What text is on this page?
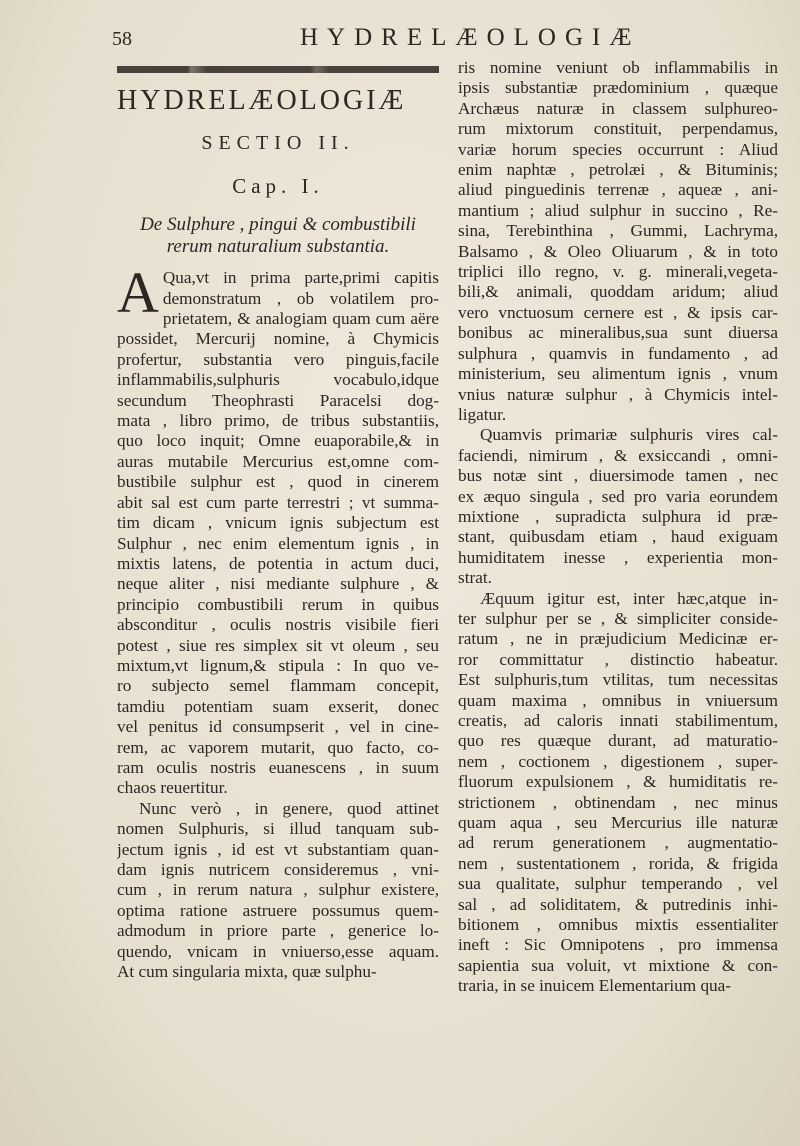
58	HYDRELÆOLOGIÆ
HYDRELÆOLOGIÆ
SECTIO II.
Cap. I.
De Sulphure , pingui & combustibili
rerum naturalium substantia.
A Qua,vt in prima parte,primi capitis
demonstratum , ob volatilem pro-
prietatem, & analogiam quam cum aëre
possidet, Mercurij nomine, à Chymicis
profertur, substantia vero pinguis,facile
inflammabilis,sulphuris vocabulo,idque
secundum Theophrasti Paracelsi dog-
mata , libro primo, de tribus substantiis,
quo loco inquit; Omne euaporabile,& in
auras mutabile Mercurius est,omne com-
bustibile sulphur est , quod in cinerem
abit sal est cum parte terrestri ; vt summa-
tim dicam , vnicum ignis subjectum est
Sulphur , nec enim elementum ignis , in
mixtis latens, de potentia in actum duci,
neque aliter , nisi mediante sulphure , &
principio combustibili rerum in quibus
absconditur , oculis nostris visibile fieri
potest , siue res simplex sit vt oleum , seu
mixtum,vt lignum,& stipula : In quo ve-
ro subjecto semel flammam concepit,
tamdiu potentiam suam exserit, donec
vel penitus id consumpserit , vel in cine-
rem, ac vaporem mutarit, quo facto, co-
ram oculis nostris euanescens , in suum
chaos reuertitur.
Nunc verò , in genere, quod attinet
nomen Sulphuris, si illud tanquam sub-
jectum ignis , id est vt substantiam quan-
dam ignis nutricem consideremus , vni-
cum , in rerum natura , sulphur existere,
optima ratione astruere possumus quem-
admodum in priore parte , generice lo-
quendo, vnicam in vniuerso,esse aquam.
At cum singularia mixta, quæ sulphu-
ris nomine veniunt ob inflammabilis in
ipsis substantiæ prædominium , quæque
Archæus naturæ in classem sulphureo-
rum mixtorum constituit, perpendamus,
variæ horum species occurrunt : Aliud
enim naphtæ , petrolæi , & Bituminis;
aliud pinguedinis terrenæ , aqueæ , ani-
mantium ; aliud sulphur in succino , Re-
sina, Terebinthina , Gummi, Lachryma,
Balsamo , & Oleo Oliuarum , & in toto
triplici illo regno, v. g. minerali,vegeta-
bili,& animali, quoddam aridum; aliud
vero vnctuosum cernere est , & ipsis car-
bonibus ac mineralibus,sua sunt diuersa
sulphura , quamvis in fundamento , ad
ministerium, seu alimentum ignis , vnum
vnius naturæ sulphur , à Chymicis intel-
ligatur.
Quamvis primariæ sulphuris vires cal-
faciendi, nimirum , & exsiccandi , omni-
bus notæ sint , diuersimode tamen , nec
ex æquo singula , sed pro varia eorundem
mixtione , supradicta sulphura id præ-
stant, quibusdam etiam , haud exiguam
humiditatem inesse , experientia mon-
strat.
Æquum igitur est, inter hæc,atque in-
ter sulphur per se , & simpliciter conside-
ratum , ne in præjudicium Medicinæ er-
ror committatur , distinctio habeatur.
Est sulphuris,tum vtilitas, tum necessitas
quam maxima , omnibus in vniuersum
creatis, ad caloris innati stabilimentum,
quo res quæque durant, ad maturatio-
nem , coctionem , digestionem , super-
fluorum expulsionem , & humiditatis re-
strictionem , obtinendam , nec minus
quam aqua , seu Mercurius ille naturæ
ad rerum generationem , augmentatio-
nem , sustentationem , rorida, & frigida
sua qualitate, sulphur temperando , vel
sal , ad soliditatem, & putredinis inhi-
bitionem , omnibus mixtis essentialiter
ineft : Sic Omnipotens , pro immensa
sapientia sua voluit, vt mixtione & con-
traria, in se inuicem Elementarium qua-
